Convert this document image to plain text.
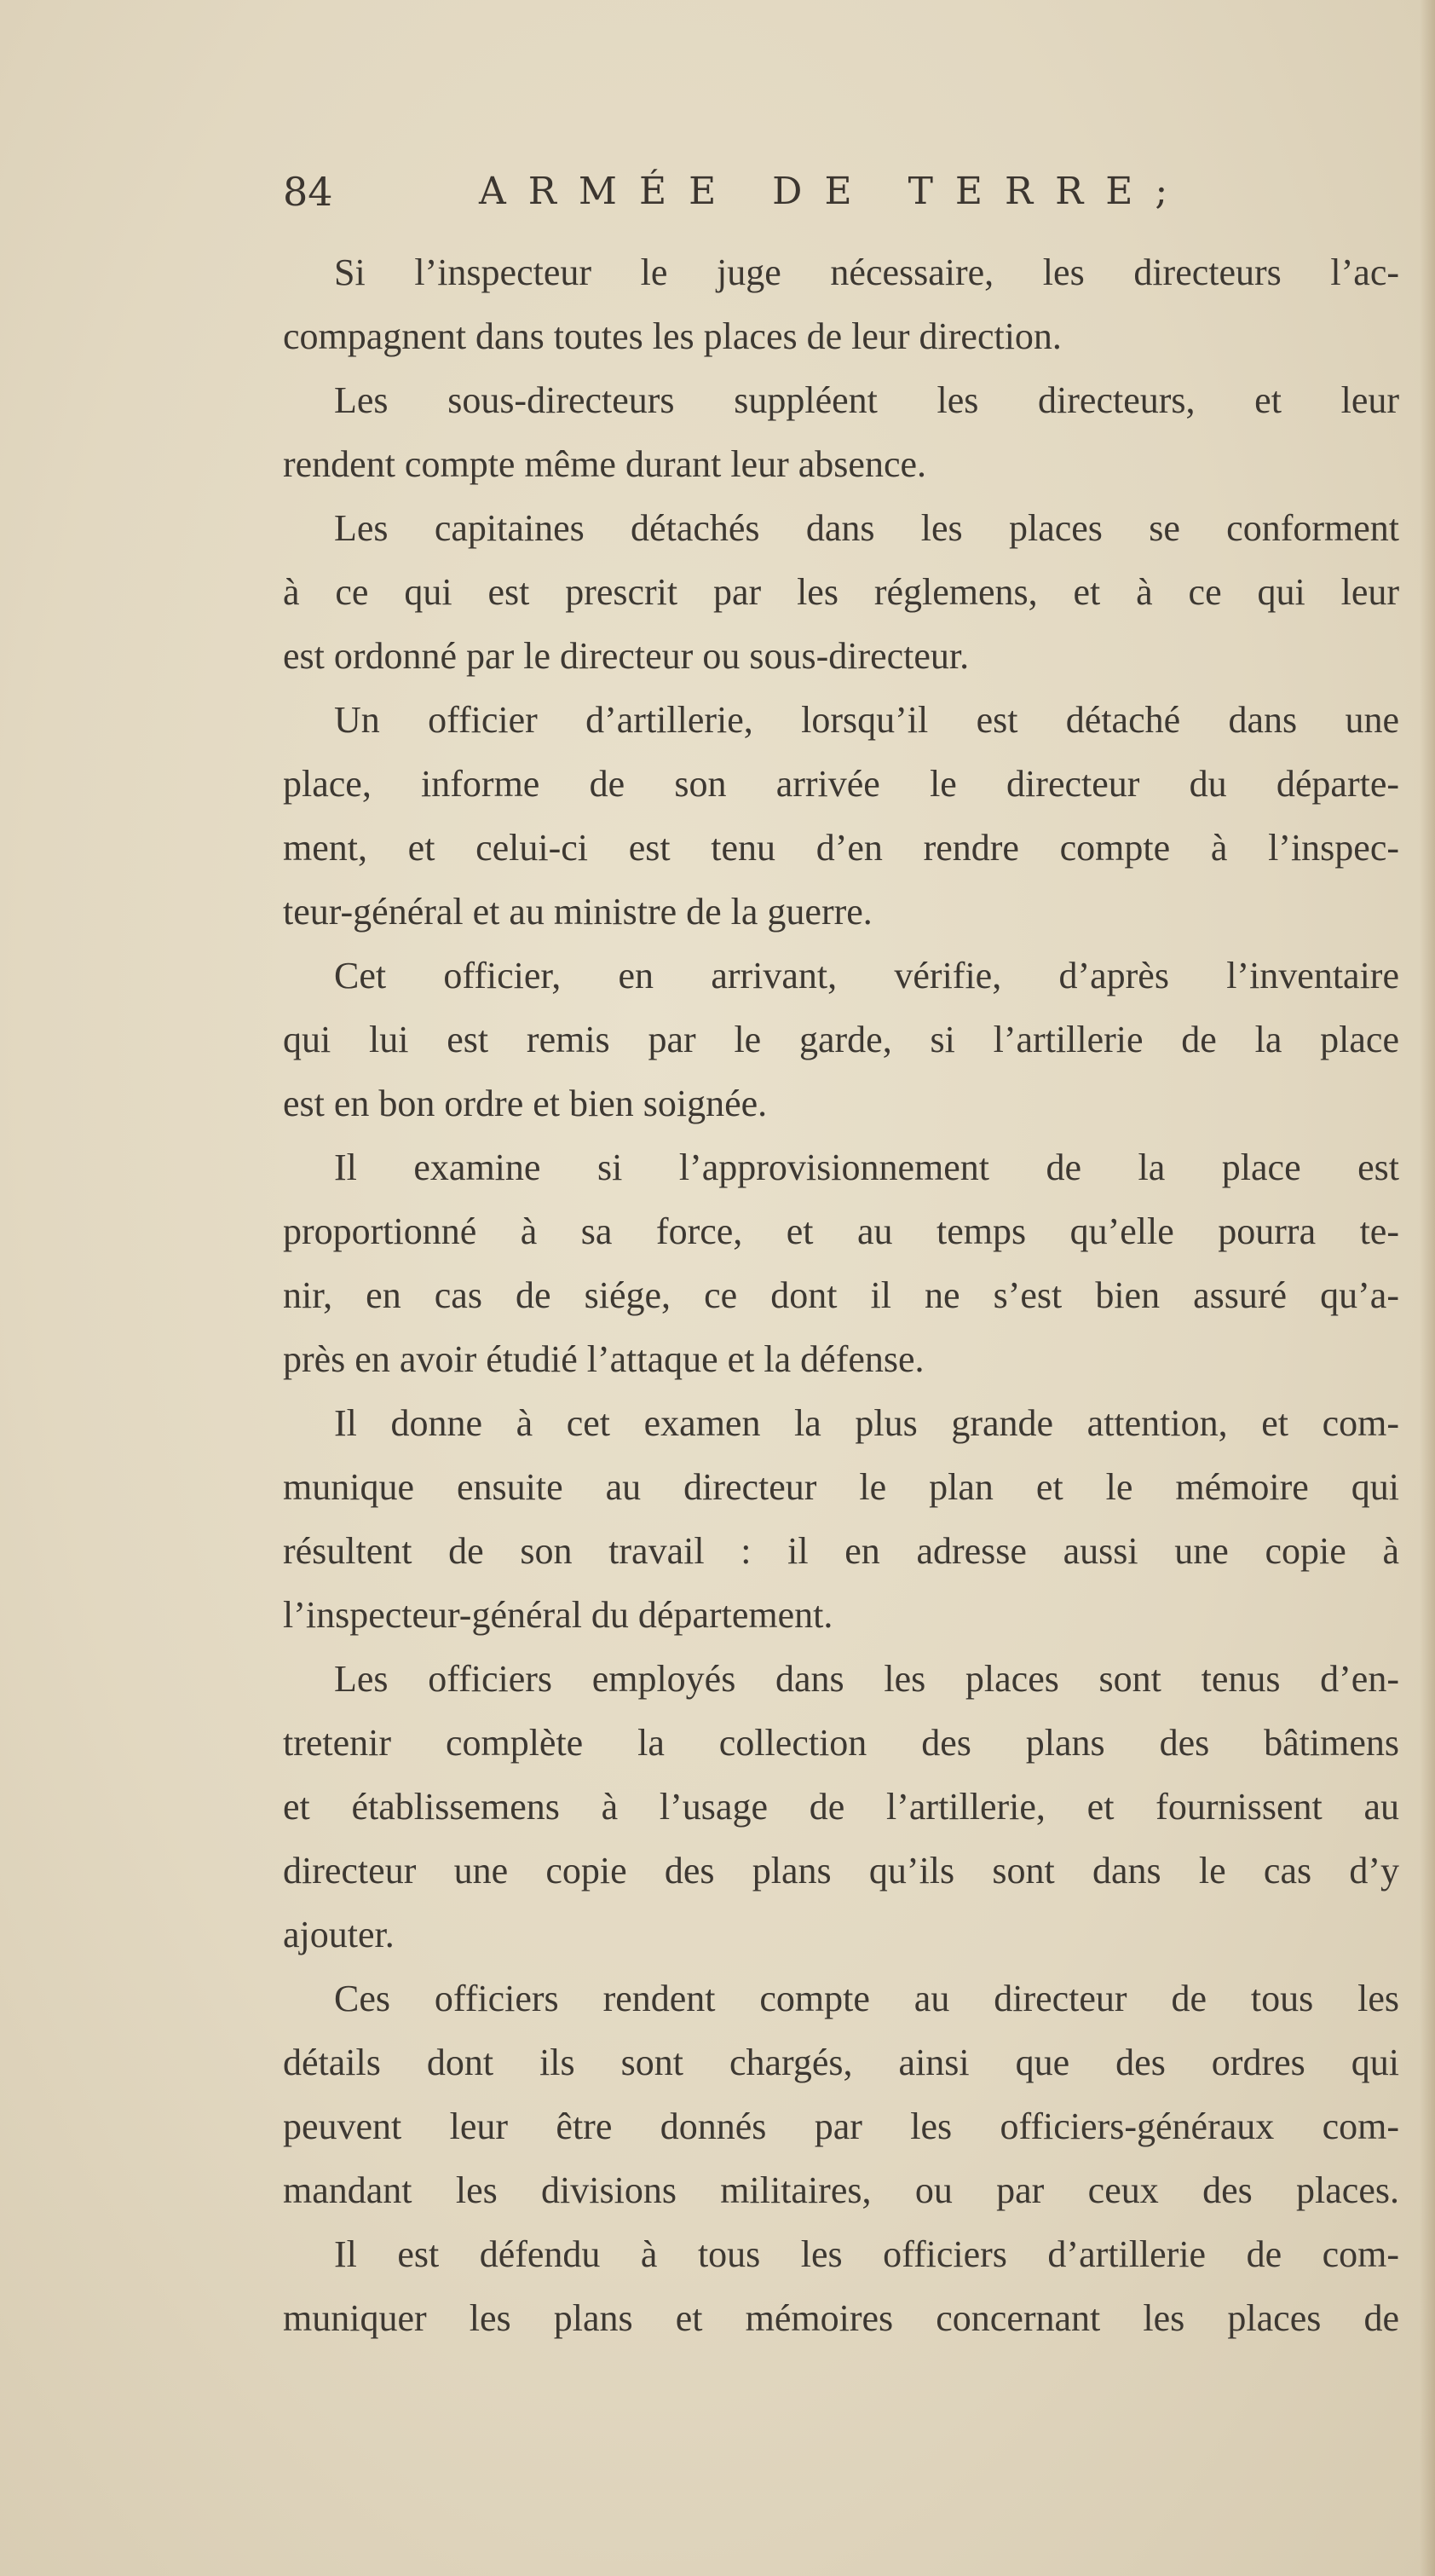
84	ARMÉE DE TERRE;
Si l’inspecteur le juge nécessaire, les directeurs l’ac-
compagnent dans toutes les places de leur direction.
Les sous-directeurs suppléent les directeurs, et leur
rendent compte même durant leur absence.
Les capitaines détachés dans les places se conforment
à ce qui est prescrit par les réglemens, et à ce qui leur
est ordonné par le directeur ou sous-directeur.
Un officier d’artillerie, lorsqu’il est détaché dans une
place, informe de son arrivée le directeur du départe-
ment, et celui-ci est tenu d’en rendre compte à l’inspec-
teur-général et au ministre de la guerre.
Cet officier, en arrivant, vérifie, d’après l’inventaire
qui lui est remis par le garde, si l’artillerie de la place
est en bon ordre et bien soignée.
Il examine si l’approvisionnement de la place est
proportionné à sa force, et au temps qu’elle pourra te-
nir, en cas de siége, ce dont il ne s’est bien assuré qu’a-
près en avoir étudié l’attaque et la défense.
Il donne à cet examen la plus grande attention, et com-
munique ensuite au directeur le plan et le mémoire qui
résultent de son travail : il en adresse aussi une copie à
l’inspecteur-général du département.
Les officiers employés dans les places sont tenus d’en-
tretenir complète la collection des plans des bâtimens
et établissemens à l’usage de l’artillerie, et fournissent au
directeur une copie des plans qu’ils sont dans le cas d’y
ajouter.
Ces officiers rendent compte au directeur de tous les
détails dont ils sont chargés, ainsi que des ordres qui
peuvent leur être donnés par les officiers-généraux com-
mandant les divisions militaires, ou par ceux des places.
Il est défendu à tous les officiers d’artillerie de com-
muniquer les plans et mémoires concernant les places de
